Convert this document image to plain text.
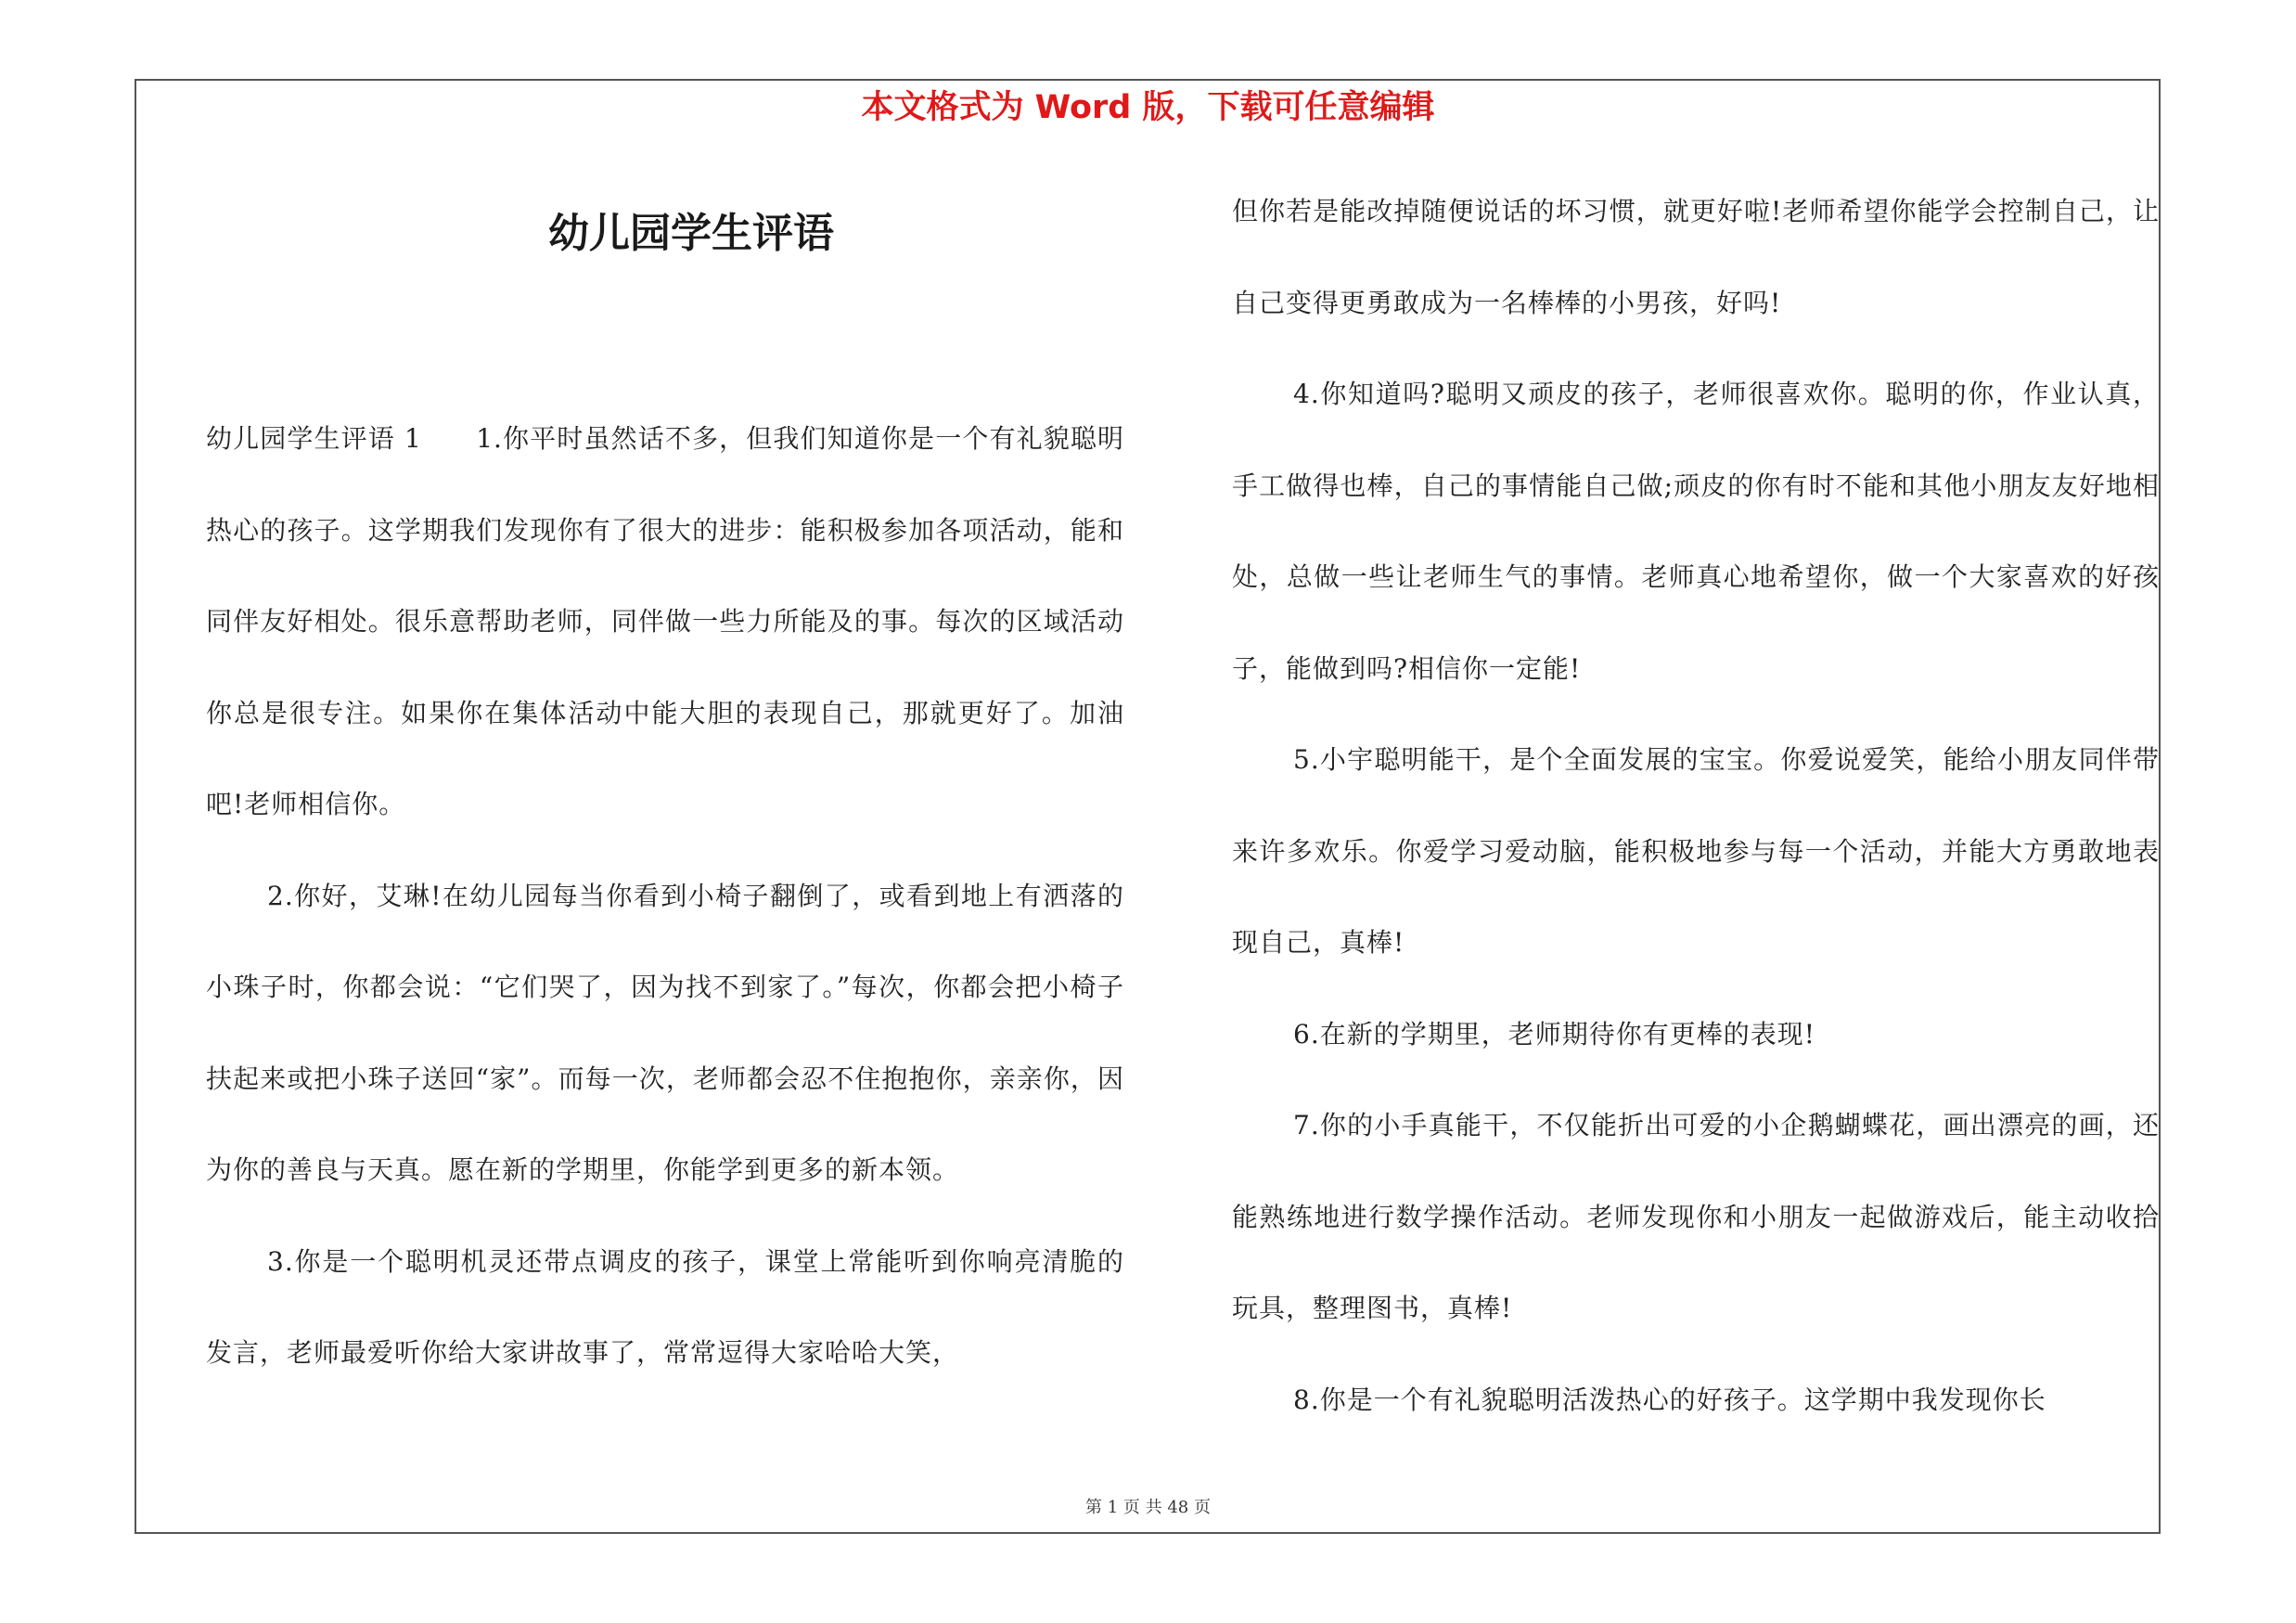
本文格式为 Word 版，下载可任意编辑
幼儿园学生评语

幼儿园学生评语 1　　1.你平时虽然话不多，但我们知道你是一个有礼貌聪明热心的孩子。这学期我们发现你有了很大的进步：能积极参加各项活动，能和同伴友好相处。很乐意帮助老师，同伴做一些力所能及的事。每次的区域活动你总是很专注。如果你在集体活动中能大胆的表现自己，那就更好了。加油吧!老师相信你。

2.你好，艾琳!在幼儿园每当你看到小椅子翻倒了，或看到地上有洒落的小珠子时，你都会说：“它们哭了，因为找不到家了。”每次，你都会把小椅子扶起来或把小珠子送回“家”。而每一次，老师都会忍不住抱抱你，亲亲你，因为你的善良与天真。愿在新的学期里，你能学到更多的新本领。

3.你是一个聪明机灵还带点调皮的孩子，课堂上常能听到你响亮清脆的发言，老师最爱听你给大家讲故事了，常常逗得大家哈哈大笑，

但你若是能改掉随便说话的坏习惯，就更好啦!老师希望你能学会控制自己，让自己变得更勇敢成为一名棒棒的小男孩，好吗!

4.你知道吗?聪明又顽皮的孩子，老师很喜欢你。聪明的你，作业认真，手工做得也棒，自己的事情能自己做;顽皮的你有时不能和其他小朋友友好地相处，总做一些让老师生气的事情。老师真心地希望你，做一个大家喜欢的好孩子，能做到吗?相信你一定能!

5.小宇聪明能干，是个全面发展的宝宝。你爱说爱笑，能给小朋友同伴带来许多欢乐。你爱学习爱动脑，能积极地参与每一个活动，并能大方勇敢地表现自己，真棒!

6.在新的学期里，老师期待你有更棒的表现!

7.你的小手真能干，不仅能折出可爱的小企鹅蝴蝶花，画出漂亮的画，还能熟练地进行数学操作活动。老师发现你和小朋友一起做游戏后，能主动收拾玩具，整理图书，真棒!

8.你是一个有礼貌聪明活泼热心的好孩子。这学期中我发现你长

第 1 页 共 48 页
